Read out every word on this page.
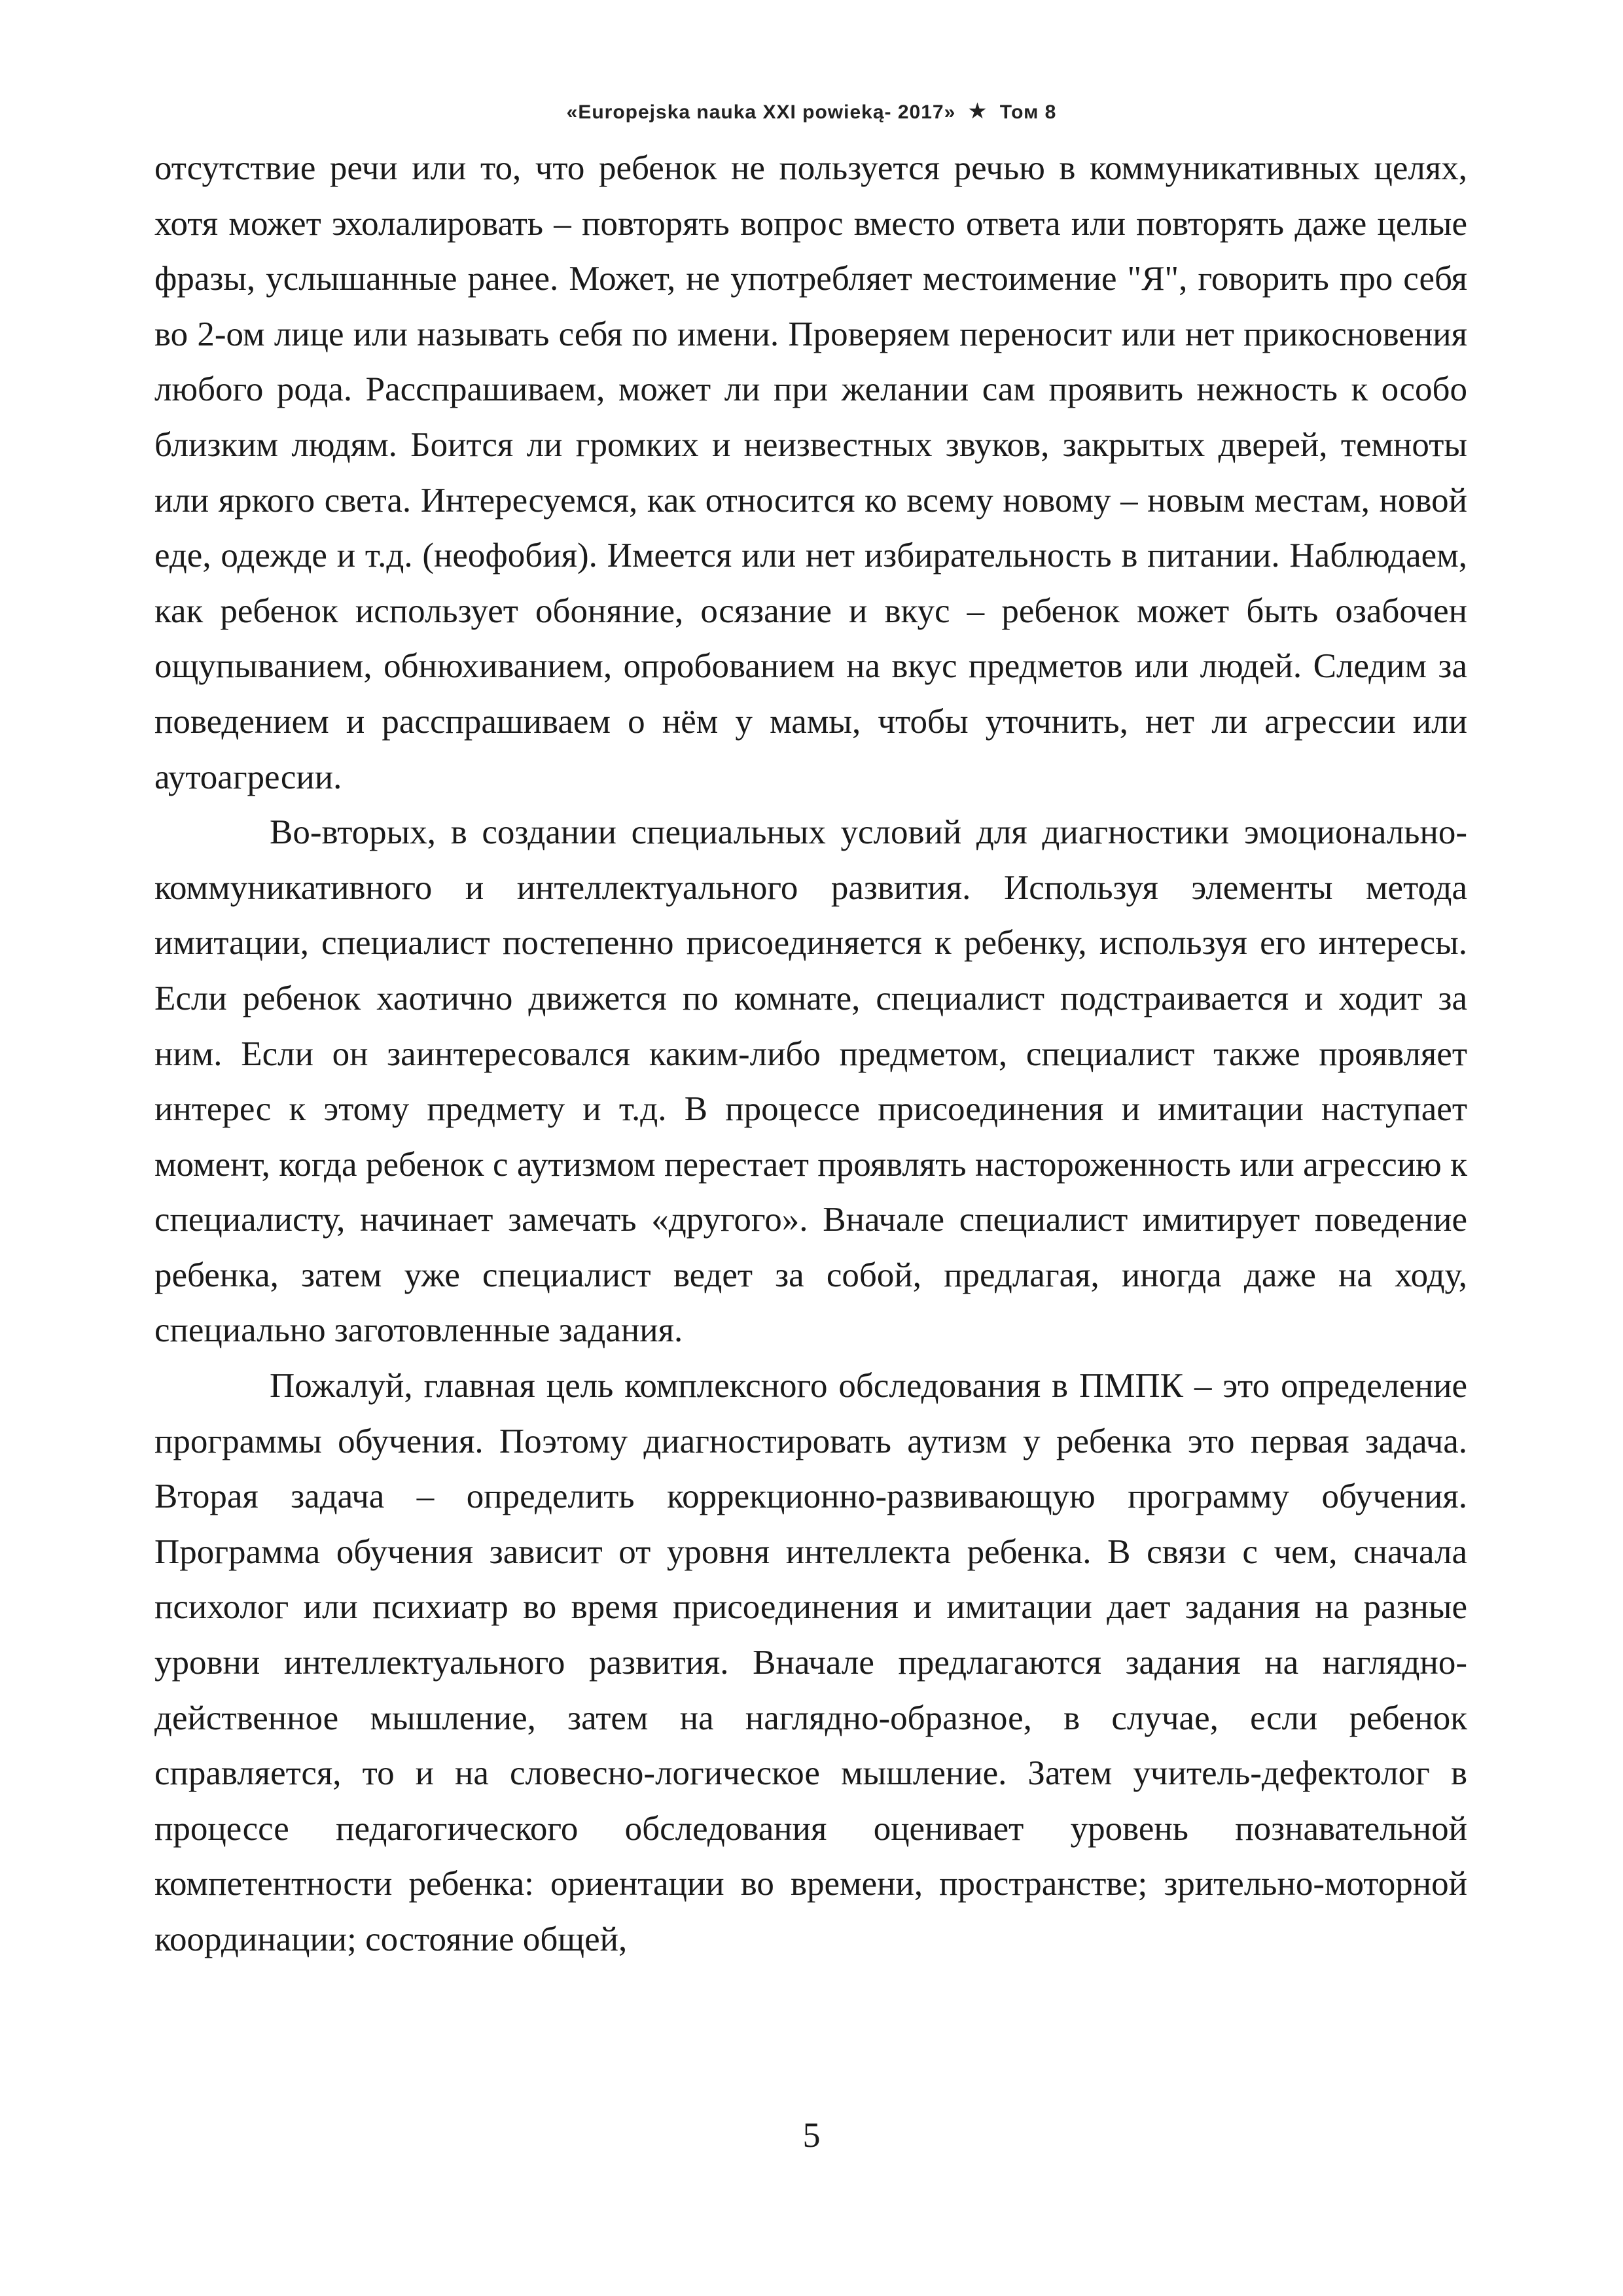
«Europejska nauka XXI powieką- 2017» ★ Том 8

отсутствие речи или то, что ребенок не пользуется речью в коммуникативных целях, хотя может эхолалировать – повторять вопрос вместо ответа или повторять даже целые фразы, услышанные ранее. Может, не употребляет местоимение "Я", говорить про себя во 2-ом лице или называть себя по имени. Проверяем переносит или нет прикосновения любого рода. Расспрашиваем, может ли при желании сам проявить нежность к особо близким людям. Боится ли громких и неизвестных звуков, закрытых дверей, темноты или яркого света. Интересуемся, как относится ко всему новому – новым местам, новой еде, одежде и т.д. (неофобия). Имеется или нет избирательность в питании. Наблюдаем, как ребенок использует обоняние, осязание и вкус – ребенок может быть озабочен ощупыванием, обнюхиванием, опробованием на вкус предметов или людей. Следим за поведением и расспрашиваем о нём у мамы, чтобы уточнить, нет ли агрессии или аутоагресии.

Во-вторых, в создании специальных условий для диагностики эмоционально-коммуникативного и интеллектуального развития. Используя элементы метода имитации, специалист постепенно присоединяется к ребенку, используя его интересы. Если ребенок хаотично движется по комнате, специалист подстраивается и ходит за ним. Если он заинтересовался каким-либо предметом, специалист также проявляет интерес к этому предмету и т.д. В процессе присоединения и имитации наступает момент, когда ребенок с аутизмом перестает проявлять настороженность или агрессию к специалисту, начинает замечать «другого». Вначале специалист имитирует поведение ребенка, затем уже специалист ведет за собой, предлагая, иногда даже на ходу, специально заготовленные задания.

Пожалуй, главная цель комплексного обследования в ПМПК – это определение программы обучения. Поэтому диагностировать аутизм у ребенка это первая задача. Вторая задача – определить коррекционно-развивающую программу обучения. Программа обучения зависит от уровня интеллекта ребенка. В связи с чем, сначала психолог или психиатр во время присоединения и имитации дает задания на разные уровни интеллектуального развития. Вначале предлагаются задания на наглядно-действенное мышление, затем на наглядно-образное, в случае, если ребенок справляется, то и на словесно-логическое мышление. Затем учитель-дефектолог в процессе педагогического обследования оценивает уровень познавательной компетентности ребенка: ориентации во времени, пространстве; зрительно-моторной координации; состояние общей,

5
